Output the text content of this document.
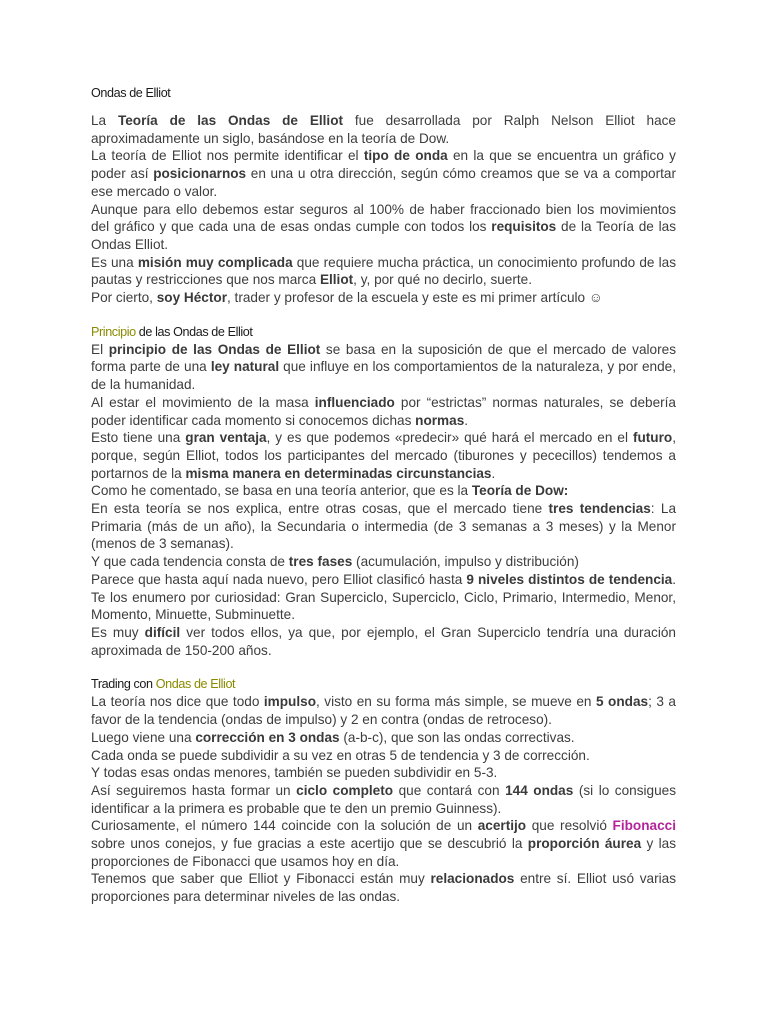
Ondas de Elliot

La Teoría de las Ondas de Elliot fue desarrollada por Ralph Nelson Elliot hace aproximadamente un siglo, basándose en la teoría de Dow.

La teoría de Elliot nos permite identificar el tipo de onda en la que se encuentra un gráfico y poder así posicionarnos en una u otra dirección, según cómo creamos que se va a comportar ese mercado o valor.

Aunque para ello debemos estar seguros al 100% de haber fraccionado bien los movimientos del gráfico y que cada una de esas ondas cumple con todos los requisitos de la Teoría de las Ondas Elliot.

Es una misión muy complicada que requiere mucha práctica, un conocimiento profundo de las pautas y restricciones que nos marca Elliot, y, por qué no decirlo, suerte.

Por cierto, soy Héctor, trader y profesor de la escuela y este es mi primer artículo ☺

Principio de las Ondas de Elliot

El principio de las Ondas de Elliot se basa en la suposición de que el mercado de valores forma parte de una ley natural que influye en los comportamientos de la naturaleza, y por ende, de la humanidad.

Al estar el movimiento de la masa influenciado por “estrictas” normas naturales, se debería poder identificar cada momento si conocemos dichas normas.

Esto tiene una gran ventaja, y es que podemos «predecir» qué hará el mercado en el futuro, porque, según Elliot, todos los participantes del mercado (tiburones y pececillos) tendemos a portarnos de la misma manera en determinadas circunstancias.

Como he comentado, se basa en una teoría anterior, que es la Teoría de Dow:

En esta teoría se nos explica, entre otras cosas, que el mercado tiene tres tendencias: La Primaria (más de un año), la Secundaria o intermedia (de 3 semanas a 3 meses) y la Menor (menos de 3 semanas).

Y que cada tendencia consta de tres fases (acumulación, impulso y distribución)

Parece que hasta aquí nada nuevo, pero Elliot clasificó hasta 9 niveles distintos de tendencia. Te los enumero por curiosidad: Gran Superciclo, Superciclo, Ciclo, Primario, Intermedio, Menor, Momento, Minuette, Subminuette.

Es muy difícil ver todos ellos, ya que, por ejemplo, el Gran Superciclo tendría una duración aproximada de 150-200 años.

Trading con Ondas de Elliot

La teoría nos dice que todo impulso, visto en su forma más simple, se mueve en 5 ondas; 3 a favor de la tendencia (ondas de impulso) y 2 en contra (ondas de retroceso).

Luego viene una corrección en 3 ondas (a-b-c), que son las ondas correctivas.

Cada onda se puede subdividir a su vez en otras 5 de tendencia y 3 de corrección.

Y todas esas ondas menores, también se pueden subdividir en 5-3.

Así seguiremos hasta formar un ciclo completo que contará con 144 ondas (si lo consigues identificar a la primera es probable que te den un premio Guinness).

Curiosamente, el número 144 coincide con la solución de un acertijo que resolvió Fibonacci sobre unos conejos, y fue gracias a este acertijo que se descubrió la proporción áurea y las proporciones de Fibonacci que usamos hoy en día.

Tenemos que saber que Elliot y Fibonacci están muy relacionados entre sí. Elliot usó varias proporciones para determinar niveles de las ondas.
